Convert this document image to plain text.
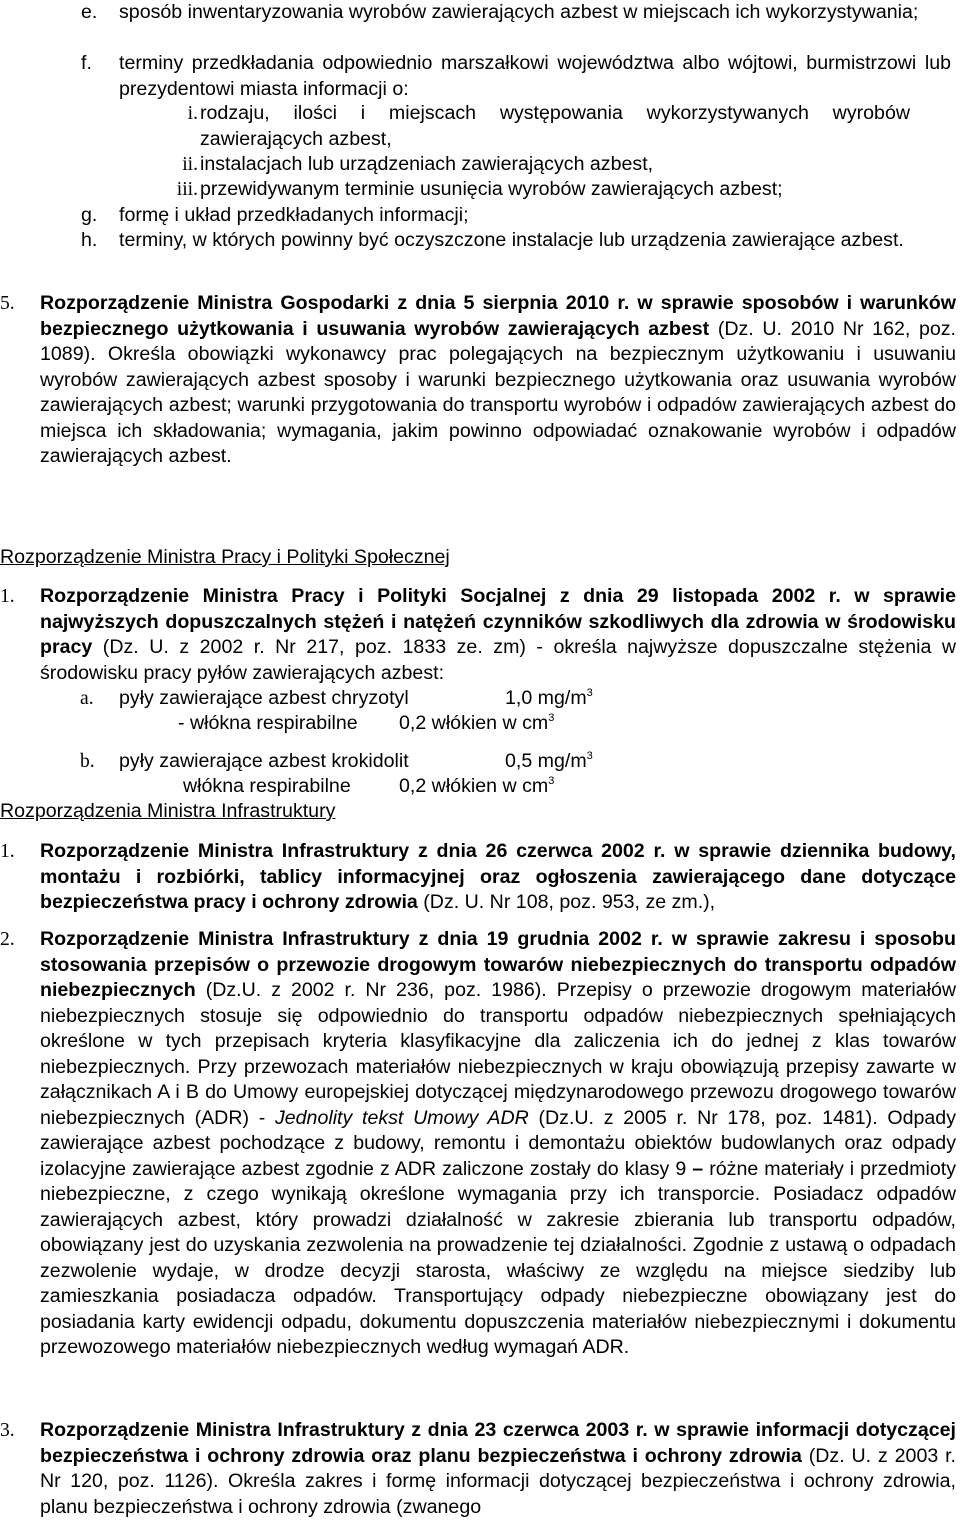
e.	sposób inwentaryzowania wyrobów zawierających azbest w miejscach ich wykorzystywania;
f.	terminy przedkładania odpowiednio marszałkowi województwa albo wójtowi, burmistrzowi lub prezydentowi miasta informacji o:
i. rodzaju, ilości i miejscach występowania wykorzystywanych wyrobów zawierających azbest,
ii. instalacjach lub urządzeniach zawierających azbest,
iii. przewidywanym terminie usunięcia wyrobów zawierających azbest;
g.	formę i układ przedkładanych informacji;
h.	terminy, w których powinny być oczyszczone instalacje lub urządzenia zawierające azbest.
5.	Rozporządzenie Ministra Gospodarki z dnia 5 sierpnia 2010 r. w sprawie sposobów i warunków bezpiecznego użytkowania i usuwania wyrobów zawierających azbest (Dz. U. 2010 Nr 162, poz. 1089). Określa obowiązki wykonawcy prac polegających na bezpiecznym użytkowaniu i usuwaniu wyrobów zawierających azbest sposoby i warunki bezpiecznego użytkowania oraz usuwania wyrobów zawierających azbest; warunki przygotowania do transportu wyrobów i odpadów zawierających azbest do miejsca ich składowania; wymagania, jakim powinno odpowiadać oznakowanie wyrobów i odpadów zawierających azbest.
Rozporządzenie Ministra Pracy i Polityki Społecznej
1.	Rozporządzenie Ministra Pracy i Polityki Socjalnej z dnia 29 listopada 2002 r. w sprawie najwyższych dopuszczalnych stężeń i natężeń czynników szkodliwych dla zdrowia w środowisku pracy (Dz. U. z 2002 r. Nr 217, poz. 1833 ze. zm) - określa najwyższe dopuszczalne stężenia w środowisku pracy pyłów zawierających azbest:
a. pyły zawierające azbest chryzotyl	1,0 $mg/m^3$
- włókna respirabilne 0,2 włókien w $cm^3$
b. pyły zawierające azbest krokidolit	0,5 $mg/m^3$
włókna respirabilne 0,2 włókien w $cm^3$
Rozporządzenia Ministra Infrastruktury
1.	Rozporządzenie Ministra Infrastruktury z dnia 26 czerwca 2002 r. w sprawie dziennika budowy, montażu i rozbiórki, tablicy informacyjnej oraz ogłoszenia zawierającego dane dotyczące bezpieczeństwa pracy i ochrony zdrowia (Dz. U. Nr 108, poz. 953, ze zm.),
2.	Rozporządzenie Ministra Infrastruktury z dnia 19 grudnia 2002 r. w sprawie zakresu i sposobu stosowania przepisów o przewozie drogowym towarów niebezpiecznych do transportu odpadów niebezpiecznych (Dz.U. z 2002 r. Nr 236, poz. 1986). Przepisy o przewozie drogowym materiałów niebezpiecznych stosuje się odpowiednio do transportu odpadów niebezpiecznych spełniających określone w tych przepisach kryteria klasyfikacyjne dla zaliczenia ich do jednej z klas towarów niebezpiecznych. Przy przewozach materiałów niebezpiecznych w kraju obowiązują przepisy zawarte w załącznikach A i B do Umowy europejskiej dotyczącej międzynarodowego przewozu drogowego towarów niebezpiecznych (ADR) - Jednolity tekst Umowy ADR (Dz.U. z 2005 r. Nr 178, poz. 1481). Odpady zawierające azbest pochodzące z budowy, remontu i demontażu obiektów budowlanych oraz odpady izolacyjne zawierające azbest zgodnie z ADR zaliczone zostały do klasy 9 – różne materiały i przedmioty niebezpieczne, z czego wynikają określone wymagania przy ich transporcie. Posiadacz odpadów zawierających azbest, który prowadzi działalność w zakresie zbierania lub transportu odpadów, obowiązany jest do uzyskania zezwolenia na prowadzenie tej działalności. Zgodnie z ustawą o odpadach zezwolenie wydaje, w drodze decyzji starosta, właściwy ze względu na miejsce siedziby lub zamieszkania posiadacza odpadów. Transportujący odpady niebezpieczne obowiązany jest do posiadania karty ewidencji odpadu, dokumentu dopuszczenia materiałów niebezpiecznymi i dokumentu przewozowego materiałów niebezpiecznych według wymagań ADR.
3.	Rozporządzenie Ministra Infrastruktury z dnia 23 czerwca 2003 r. w sprawie informacji dotyczącej bezpieczeństwa i ochrony zdrowia oraz planu bezpieczeństwa i ochrony zdrowia (Dz. U. z 2003 r. Nr 120, poz. 1126). Określa zakres i formę informacji dotyczącej bezpieczeństwa i ochrony zdrowia, planu bezpieczeństwa i ochrony zdrowia (zwanego
